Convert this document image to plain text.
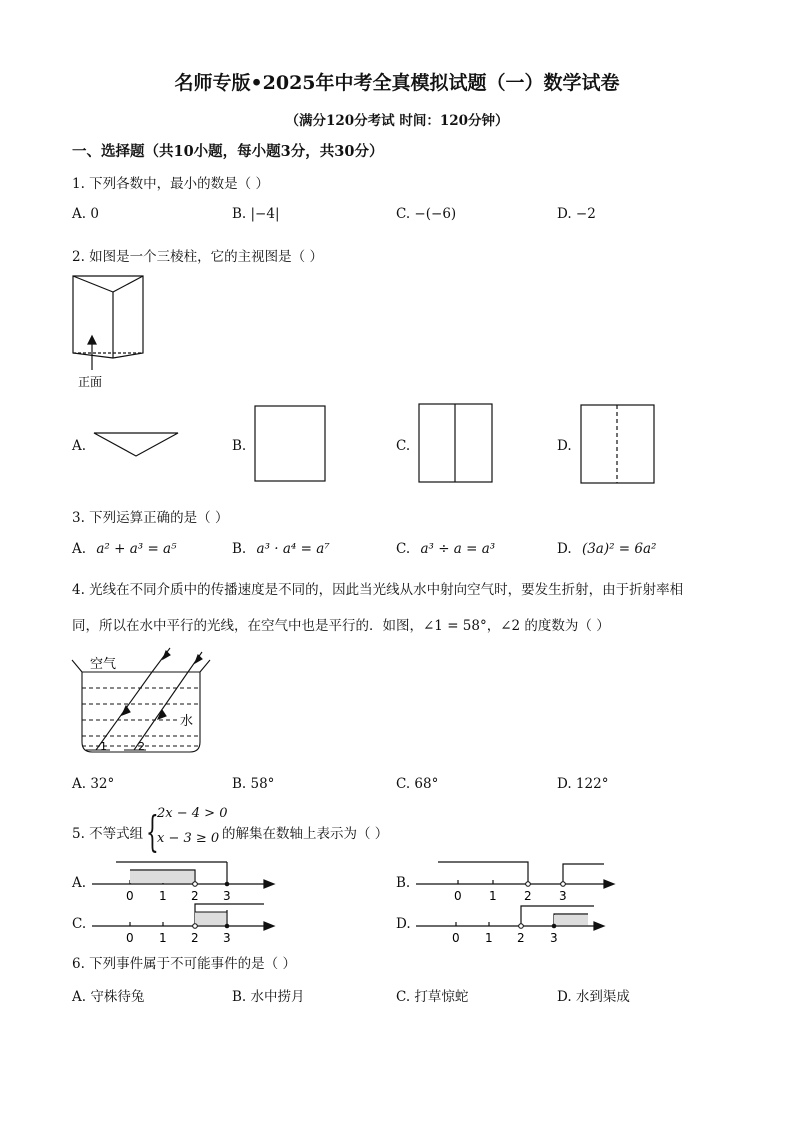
名师专版•2025年中考全真模拟试题（一）数学试卷
（满分120分考试 时间：120分钟）
一、选择题（共10小题，每小题3分，共30分）
1. 下列各数中，最小的数是（ ）
A. 0	B. |−4|	C. −(−6)	D. −2
2. 如图是一个三棱柱，它的主视图是（ ）
正面
A.	B.	C.	D.
3. 下列运算正确的是（ ）
A. a² + a³ = a⁵	B. a³ · a⁴ = a⁷	C. a³ ÷ a = a³	D. (3a)² = 6a²
4. 光线在不同介质中的传播速度是不同的，因此当光线从水中射向空气时，要发生折射，由于折射率相
同，所以在水中平行的光线，在空气中也是平行的．如图，∠1 = 58°，∠2 的度数为（ ）
空气
水
1	2
A. 32°	B. 58°	C. 68°	D. 122°
5. 不等式组 {
2x − 4 > 0
x − 3 ≥ 0 的解集在数轴上表示为（ ）
A.	B.
C.	D.
0 1 2 3	0 1 2 3
0 1 2 3	0 1 2 3
6. 下列事件属于不可能事件的是（ ）
A. 守株待兔	B. 水中捞月	C. 打草惊蛇	D. 水到渠成
